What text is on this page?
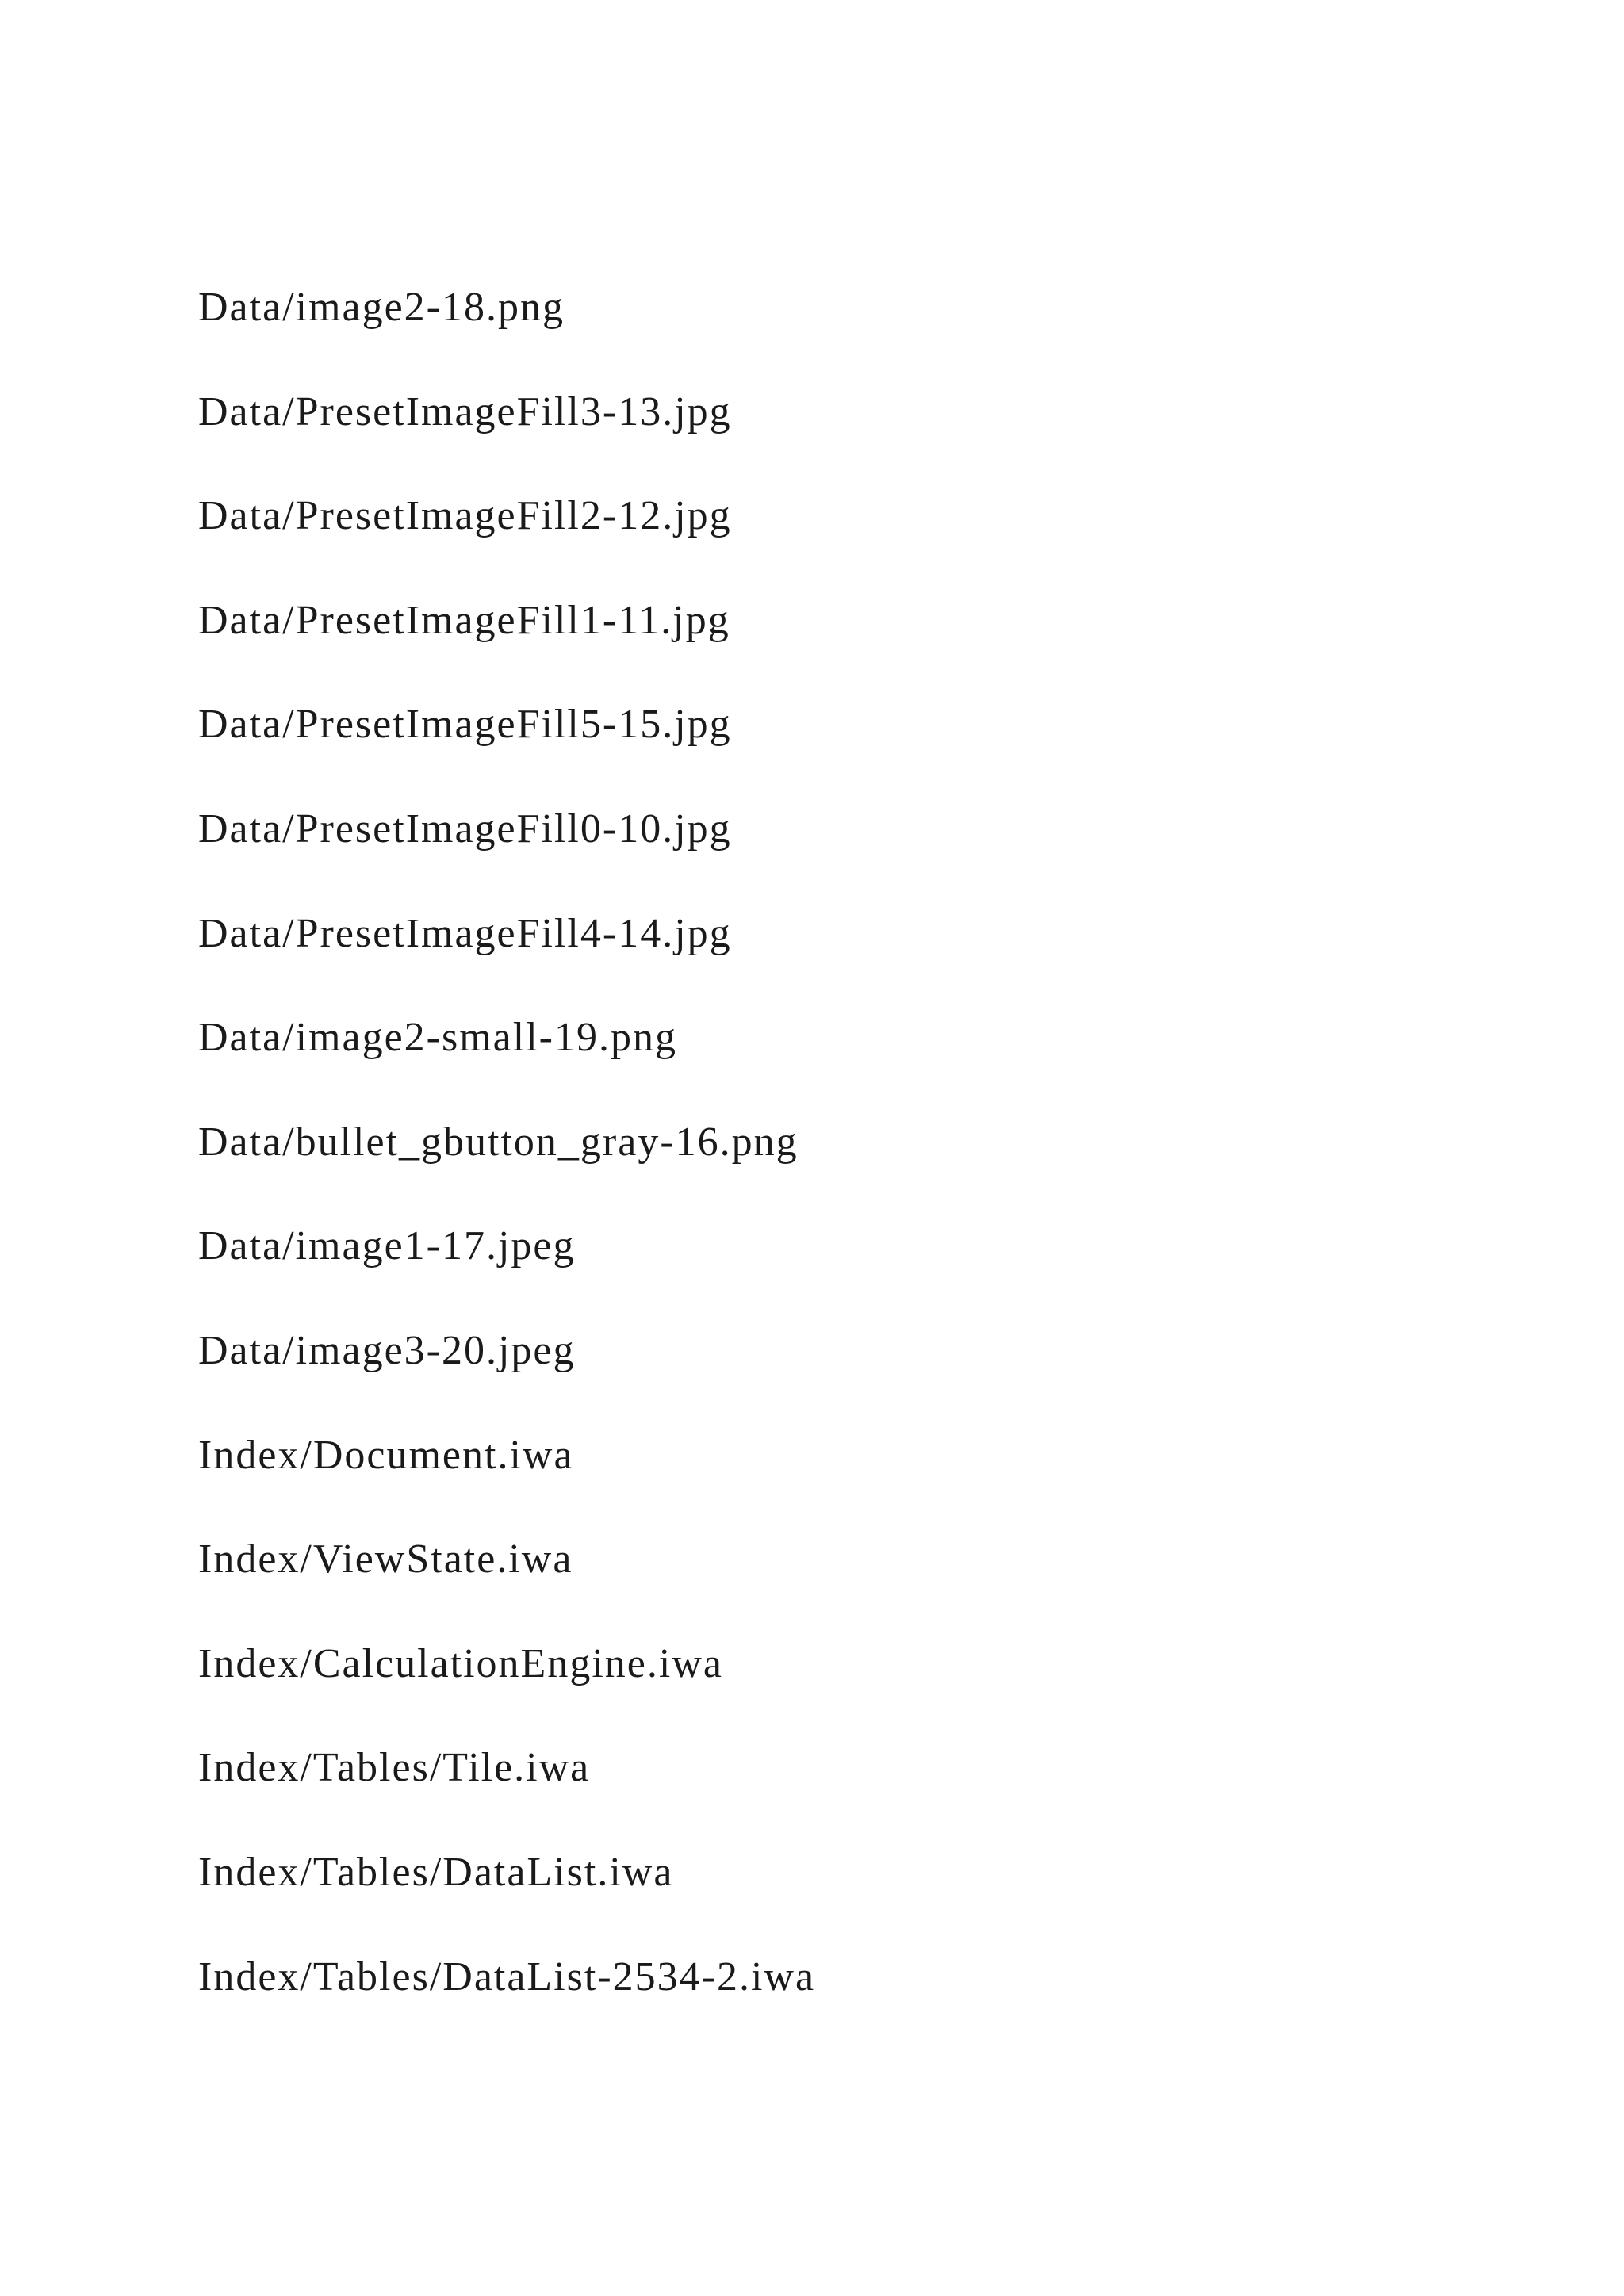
Data/image2-18.png
Data/PresetImageFill3-13.jpg
Data/PresetImageFill2-12.jpg
Data/PresetImageFill1-11.jpg
Data/PresetImageFill5-15.jpg
Data/PresetImageFill0-10.jpg
Data/PresetImageFill4-14.jpg
Data/image2-small-19.png
Data/bullet_gbutton_gray-16.png
Data/image1-17.jpeg
Data/image3-20.jpeg
Index/Document.iwa
Index/ViewState.iwa
Index/CalculationEngine.iwa
Index/Tables/Tile.iwa
Index/Tables/DataList.iwa
Index/Tables/DataList-2534-2.iwa
